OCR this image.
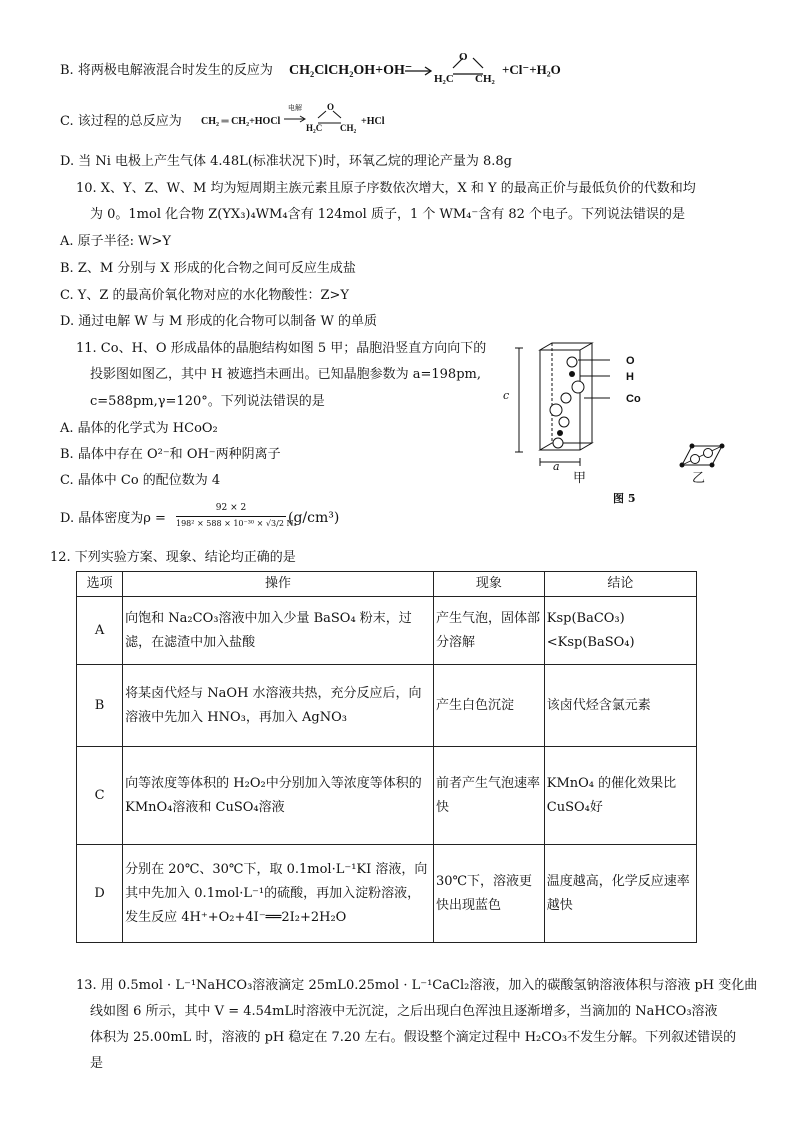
B. 将两极电解液混合时发生的反应为 CH₂ClCH₂OH+OH⁻
O
H₂C CH₂
+Cl⁻+H₂O
C. 该过程的总反应为 CH₂ ═ CH₂+HOCl
电解	O
H₂C CH₂
+HCl
D. 当 Ni 电极上产生气体 4.48L(标准状况下)时，环氧乙烷的理论产量为 8.8g
10. X、Y、Z、W、M 均为短周期主族元素且原子序数依次增大，X 和 Y 的最高正价与最低负价的代数和均
为 0。1mol 化合物 Z(YX₃)₄WM₄含有 124mol 质子，1 个 WM₄⁻含有 82 个电子。下列说法错误的是
A. 原子半径: W>Y
B. Z、M 分别与 X 形成的化合物之间可反应生成盐
C. Y、Z 的最高价氧化物对应的水化物酸性：Z>Y
D. 通过电解 W 与 M 形成的化合物可以制备 W 的单质
11. Co、H、O 形成晶体的晶胞结构如图 5 甲；晶胞沿竖直方向向下的
投影图如图乙，其中 H 被遮挡未画出。已知晶胞参数为 a=198pm,
c=588pm,γ=120°。下列说法错误的是
A. 晶体的化学式为 HCoO₂
B. 晶体中存在 O²⁻和 OH⁻两种阴离子
C. 晶体中 Co 的配位数为 4
D. 晶体密度为ρ =
92 × 2
198² × 588 × 10⁻³⁰ × √3/2 Nₐ
(g/cm³)
O
H
Co
c
a
甲
图 5
乙
12. 下列实验方案、现象、结论均正确的是
选项	操作	现象	结论
A	向饱和 Na₂CO₃溶液中加入少量 BaSO₄ 粉末，过滤，在滤渣中加入盐酸	产生气泡，固体部分溶解	Ksp(BaCO₃)<Ksp(BaSO₄)
B	将某卤代烃与 NaOH 水溶液共热，充分反应后，向溶液中先加入 HNO₃，再加入 AgNO₃	产生白色沉淀	该卤代烃含氯元素
C	向等浓度等体积的 H₂O₂中分别加入等浓度等体积的 KMnO₄溶液和 CuSO₄溶液	前者产生气泡速率快	KMnO₄ 的催化效果比 CuSO₄好
D	分别在 20℃、30℃下，取 0.1mol·L⁻¹KI 溶液，向其中先加入 0.1mol·L⁻¹的硫酸，再加入淀粉溶液，发生反应 4H⁺+O₂+4I⁻══2I₂+2H₂O	30℃下，溶液更快出现蓝色	温度越高，化学反应速率越快
13. 用 0.5mol · L⁻¹NaHCO₃溶液滴定 25mL0.25mol · L⁻¹CaCl₂溶液，加入的碳酸氢钠溶液体积与溶液 pH 变化曲
线如图 6 所示，其中 V = 4.54mL时溶液中无沉淀，之后出现白色浑浊且逐渐增多，当滴加的 NaHCO₃溶液
体积为 25.00mL 时，溶液的 pH 稳定在 7.20 左右。假设整个滴定过程中 H₂CO₃不发生分解。下列叙述错误的
是
